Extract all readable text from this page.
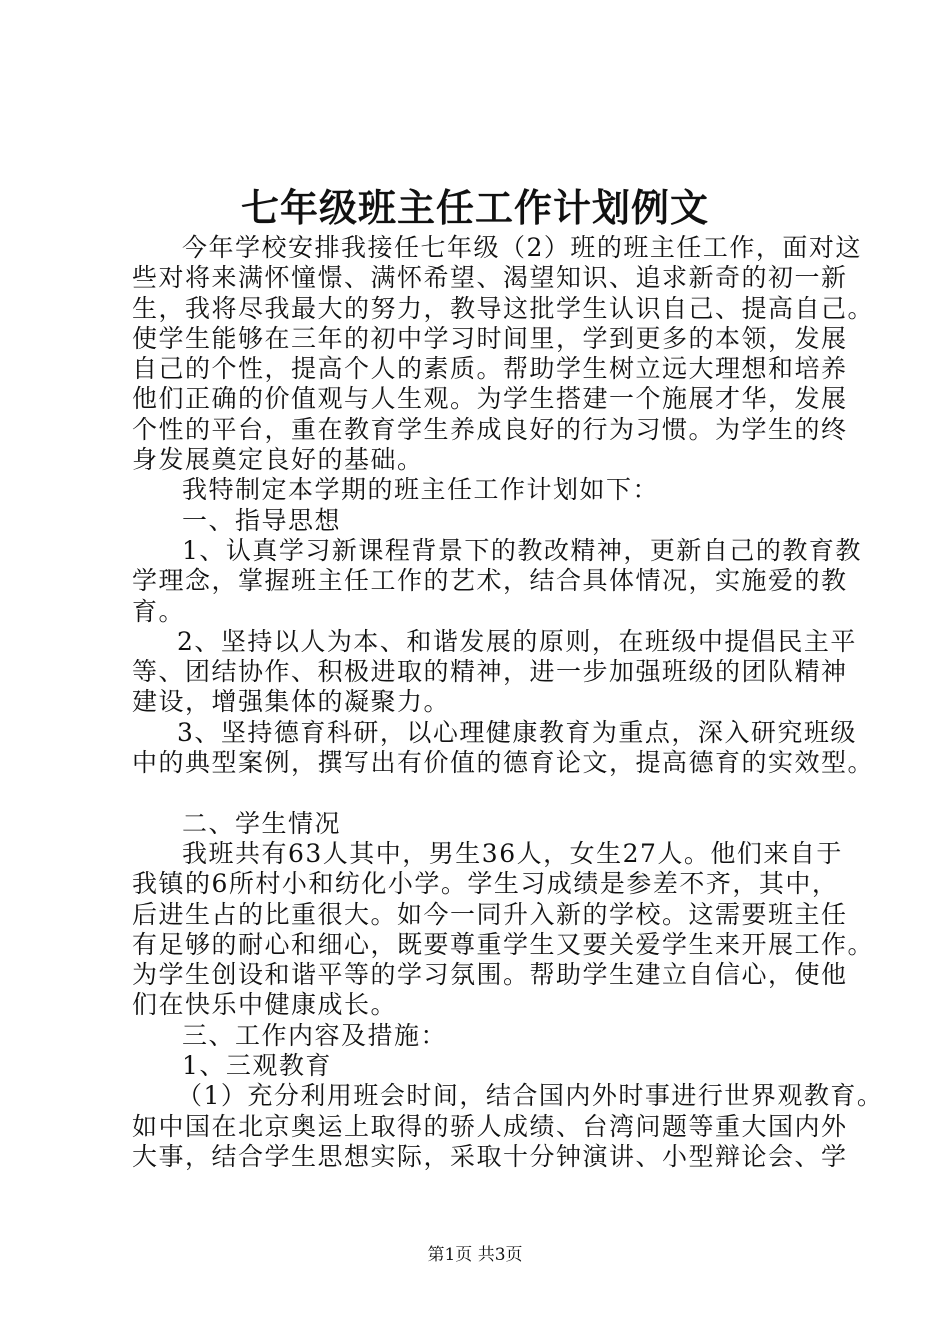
七年级班主任工作计划例文
今年学校安排我接任七年级（2）班的班主任工作，面对这
些对将来满怀憧憬、满怀希望、渴望知识、追求新奇的初一新
生，我将尽我最大的努力，教导这批学生认识自己、提高自己。
使学生能够在三年的初中学习时间里，学到更多的本领，发展
自己的个性，提高个人的素质。帮助学生树立远大理想和培养
他们正确的价值观与人生观。为学生搭建一个施展才华，发展
个性的平台，重在教育学生养成良好的行为习惯。为学生的终
身发展奠定良好的基础。
我特制定本学期的班主任工作计划如下：
一、指导思想
1、认真学习新课程背景下的教改精神，更新自己的教育教
学理念，掌握班主任工作的艺术，结合具体情况，实施爱的教
育。
2、坚持以人为本、和谐发展的原则，在班级中提倡民主平
等、团结协作、积极进取的精神，进一步加强班级的团队精神
建设，增强集体的凝聚力。
3、坚持德育科研，以心理健康教育为重点，深入研究班级
中的典型案例，撰写出有价值的德育论文，提高德育的实效型。
二、学生情况
我班共有63人其中，男生36人，女生27人。他们来自于
我镇的6所村小和纺化小学。学生习成绩是参差不齐，其中，
后进生占的比重很大。如今一同升入新的学校。这需要班主任
有足够的耐心和细心，既要尊重学生又要关爱学生来开展工作。
为学生创设和谐平等的学习氛围。帮助学生建立自信心，使他
们在快乐中健康成长。
三、工作内容及措施：
1、三观教育
（1）充分利用班会时间，结合国内外时事进行世界观教育。
如中国在北京奥运上取得的骄人成绩、台湾问题等重大国内外
大事，结合学生思想实际，采取十分钟演讲、小型辩论会、学
第1页 共3页
